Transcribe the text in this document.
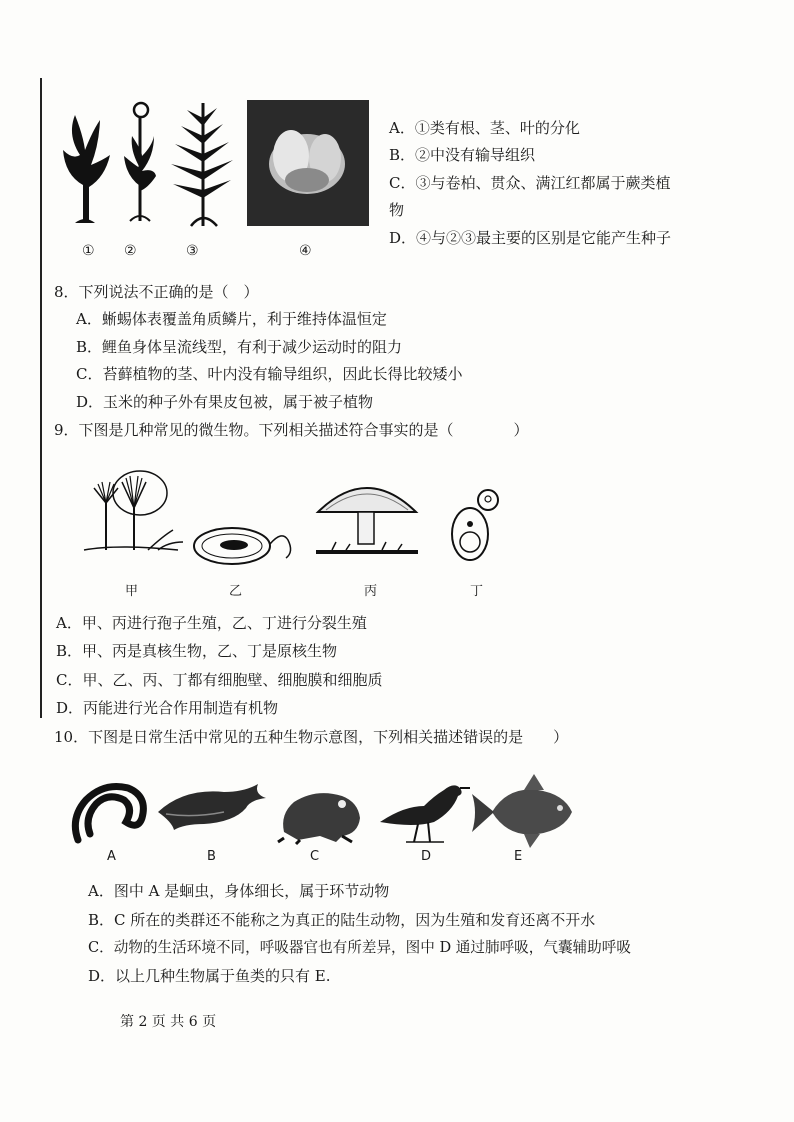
① ②	③	④
A．①类有根、茎、叶的分化
B．②中没有输导组织
C．③与卷柏、贯众、满江红都属于蕨类植
物
D．④与②③最主要的区别是它能产生种子
8．下列说法不正确的是（　）
A．蜥蜴体表覆盖角质鳞片，利于维持体温恒定
B．鲤鱼身体呈流线型，有利于减少运动时的阻力
C．苔藓植物的茎、叶内没有输导组织，因此长得比较矮小
D．玉米的种子外有果皮包被，属于被子植物
9．下图是几种常见的微生物。下列相关描述符合事实的是（　　　　）
甲	乙	丙	丁
A．甲、丙进行孢子生殖，乙、丁进行分裂生殖
B．甲、丙是真核生物，乙、丁是原核生物
C．甲、乙、丙、丁都有细胞壁、细胞膜和细胞质
D．丙能进行光合作用制造有机物
10．下图是日常生活中常见的五种生物示意图，下列相关描述错误的是　　）
A	B	C	D	E
A．图中 A 是蛔虫，身体细长，属于环节动物
B．C 所在的类群还不能称之为真正的陆生动物，因为生殖和发育还离不开水
C．动物的生活环境不同，呼吸器官也有所差异，图中 D 通过肺呼吸，气囊辅助呼吸
D．以上几种生物属于鱼类的只有 E.
第 2 页 共 6 页
